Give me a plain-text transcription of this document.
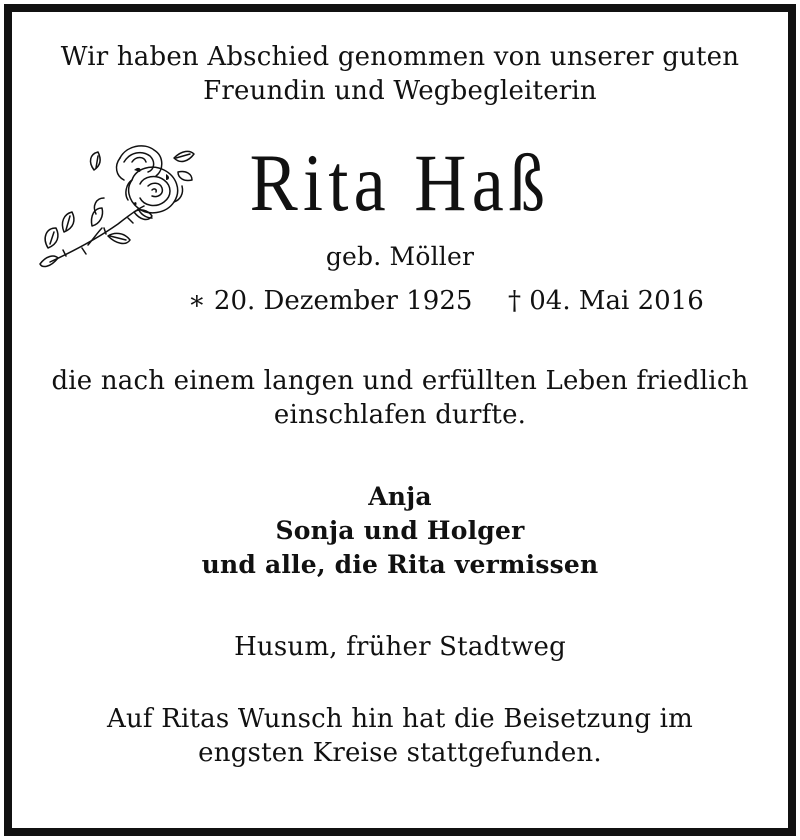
Wir haben Abschied genommen von unserer guten
Freundin und Wegbegleiterin
Rita Haß
geb. Möller
∗ 20. Dezember 1925 † 04. Mai 2016
die nach einem langen und erfüllten Leben friedlich
einschlafen durfte.
Anja
Sonja und Holger
und alle, die Rita vermissen
Husum, früher Stadtweg
Auf Ritas Wunsch hin hat die Beisetzung im
engsten Kreise stattgefunden.
